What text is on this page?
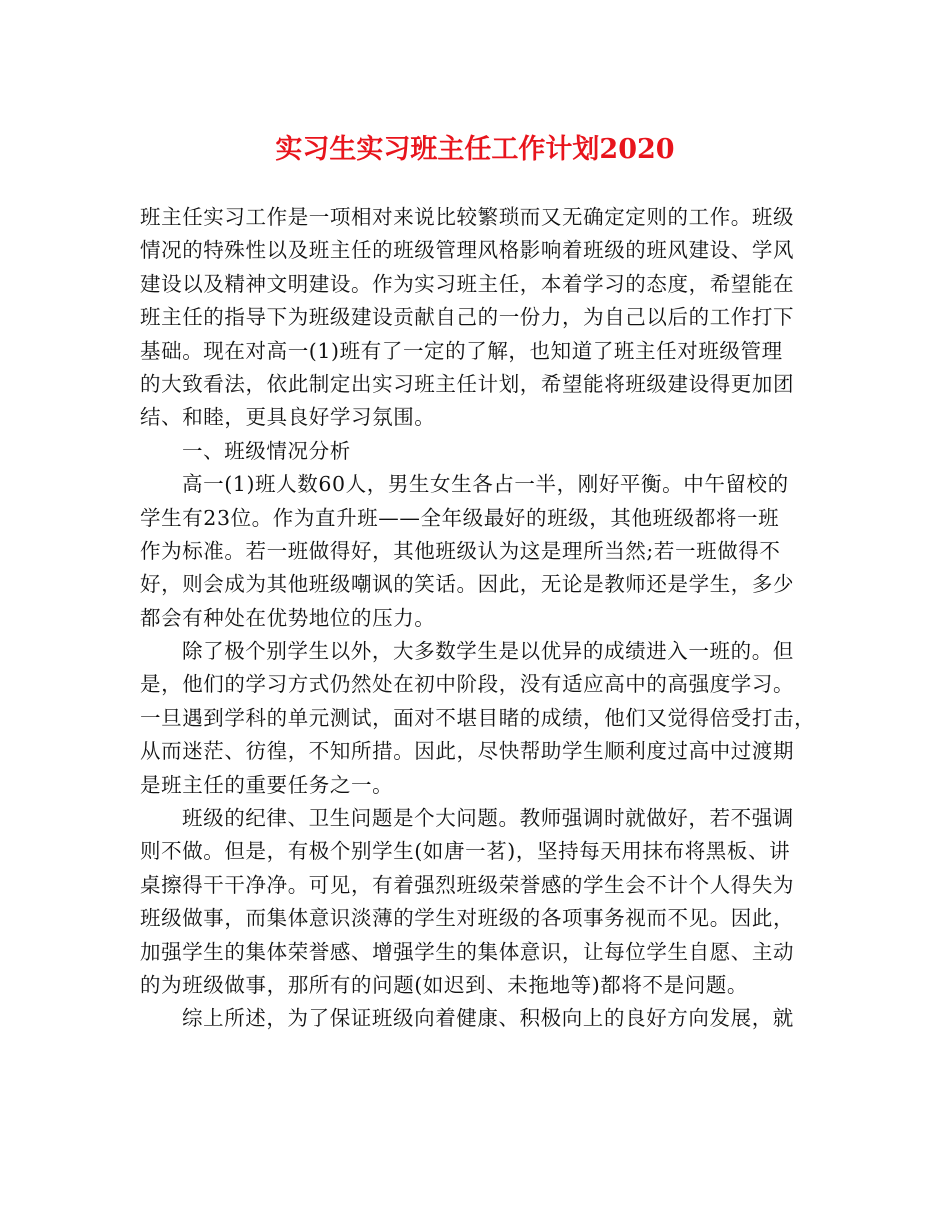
实习生实习班主任工作计划2020
班主任实习工作是一项相对来说比较繁琐而又无确定定则的工作。班级
情况的特殊性以及班主任的班级管理风格影响着班级的班风建设、学风
建设以及精神文明建设。作为实习班主任，本着学习的态度，希望能在
班主任的指导下为班级建设贡献自己的一份力，为自己以后的工作打下
基础。现在对高一(1)班有了一定的了解，也知道了班主任对班级管理
的大致看法，依此制定出实习班主任计划，希望能将班级建设得更加团
结、和睦，更具良好学习氛围。
一、班级情况分析
高一(1)班人数60人，男生女生各占一半，刚好平衡。中午留校的
学生有23位。作为直升班——全年级最好的班级，其他班级都将一班
作为标准。若一班做得好，其他班级认为这是理所当然;若一班做得不
好，则会成为其他班级嘲讽的笑话。因此，无论是教师还是学生，多少
都会有种处在优势地位的压力。
除了极个别学生以外，大多数学生是以优异的成绩进入一班的。但
是，他们的学习方式仍然处在初中阶段，没有适应高中的高强度学习。
一旦遇到学科的单元测试，面对不堪目睹的成绩，他们又觉得倍受打击，
从而迷茫、彷徨，不知所措。因此，尽快帮助学生顺利度过高中过渡期
是班主任的重要任务之一。
班级的纪律、卫生问题是个大问题。教师强调时就做好，若不强调
则不做。但是，有极个别学生(如唐一茗)，坚持每天用抹布将黑板、讲
桌擦得干干净净。可见，有着强烈班级荣誉感的学生会不计个人得失为
班级做事，而集体意识淡薄的学生对班级的各项事务视而不见。因此，
加强学生的集体荣誉感、增强学生的集体意识，让每位学生自愿、主动
的为班级做事，那所有的问题(如迟到、未拖地等)都将不是问题。
综上所述，为了保证班级向着健康、积极向上的良好方向发展，就
